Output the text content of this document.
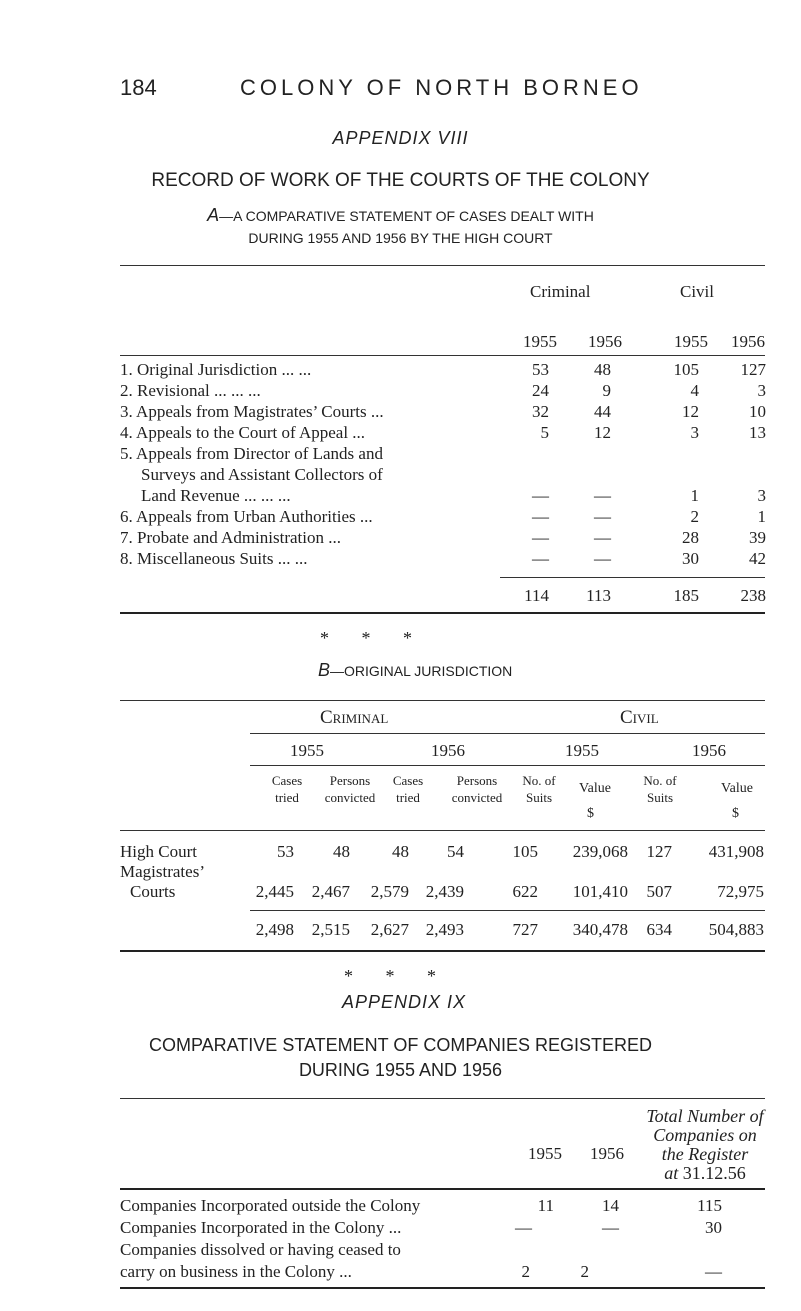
184	COLONY OF NORTH BORNEO
APPENDIX VIII
RECORD OF WORK OF THE COURTS OF THE COLONY
A—A COMPARATIVE STATEMENT OF CASES DEALT WITH
DURING 1955 AND 1956 BY THE HIGH COURT
Criminal	Civil
1955	1956	1955	1956
1. Original Jurisdiction ... ...	53	48	105	127
2. Revisional ... ... ...	24	9	4	3
3. Appeals from Magistrates’ Courts ...	32	44	12	10
4. Appeals to the Court of Appeal ...	5	12	3	13
5. Appeals from Director of Lands and
Surveys and Assistant Collectors of
Land Revenue ... ... ...	—	—	1	3
6. Appeals from Urban Authorities ...	—	—	2	1
7. Probate and Administration ...	—	—	28	39
8. Miscellaneous Suits ... ...	—	—	30	42
114	113	185	238
* * *
B—ORIGINAL JURISDICTION
Criminal	Civil
1955	1956	1955	1956
Cases tried
Persons convicted
Cases tried
Persons convicted
No. of Suits
Value
No. of Suits
Value
$	$
High Court	53	48	48	54	105	239,068	127	431,908
Magistrates’
Courts	2,445	2,467	2,579 2,439	622	101,410	507	72,975
2,498	2,515	2,627 2,493	727	340,478	634	504,883
* * *
APPENDIX IX
COMPARATIVE STATEMENT OF COMPANIES REGISTERED
DURING 1955 AND 1956
Total Number of
Companies on
the Register
at 31.12.56
1955 1956
Companies Incorporated outside the Colony	11	14	115
Companies Incorporated in the Colony ...	—	—	30
Companies dissolved or having ceased to
carry on business in the Colony ...	2	2	—
